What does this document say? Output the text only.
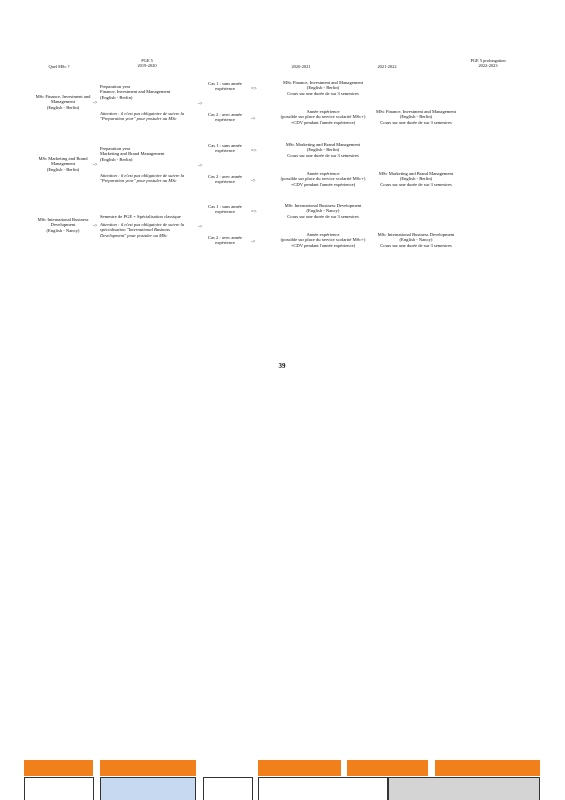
Quel MSc ?
PGE 5
2019-2020	2020-2021	2021-2022
PGE 5 prolongation
2022-2023
MSc Finance, Investment and
Management
(English - Berlin)
->
Preparation year
Finance, Investment and Management
(English - Berlin)
Attention : il n'est pas obligatoire de suivre la
"Preparation year" pour postuler au MSc
->
Cas 1 : sans année
expérience
Cas 2 : avec année
expérience
=>
->
MSc Finance, Investment and Management
(English - Berlin)
Cours sur une durée de sur 3 semestres
Année expérience
(possible sur place du service scolarité MSc+)
+CDV pendant l'année expérience)
MSc Finance, Investment and Management
(English - Berlin)
Cours sur une durée de sur 3 semestres
MSc Marketing and Brand
Management
(English - Berlin)
->
Preparation year
Marketing and Brand Management
(English - Berlin)
Attention : il n'est pas obligatoire de suivre la
"Preparation year" pour postuler au MSc
->
Cas 1 : sans année
expérience
Cas 2 : avec année
expérience
=>
->
MSc Marketing and Brand Management
(English - Berlin)
Cours sur une durée de sur 3 semestres
Année expérience
(possible sur place du service scolarité MSc+)
+CDV pendant l'année expérience)
MSc Marketing and Brand Management
(English - Berlin)
Cours sur une durée de sur 3 semestres
MSc International Business
Development
(English - Nancy)
->
Semestre de PGE + Spécialisation classique
Attention : il n'est pas obligatoire de suivre la
spécialisation "International Business
Development" pour postuler au MSc
->
Cas 1 : sans année
expérience
Cas 2 : avec année
expérience
=>
->
MSc International Business Development
(English - Nancy)
Cours sur une durée de sur 3 semestres
Année expérience
(possible sur place du service scolarité MSc+)
+CDV pendant l'année expérience)
MSc International Business Development
(English - Nancy)
Cours sur une durée de sur 3 semestres
39
